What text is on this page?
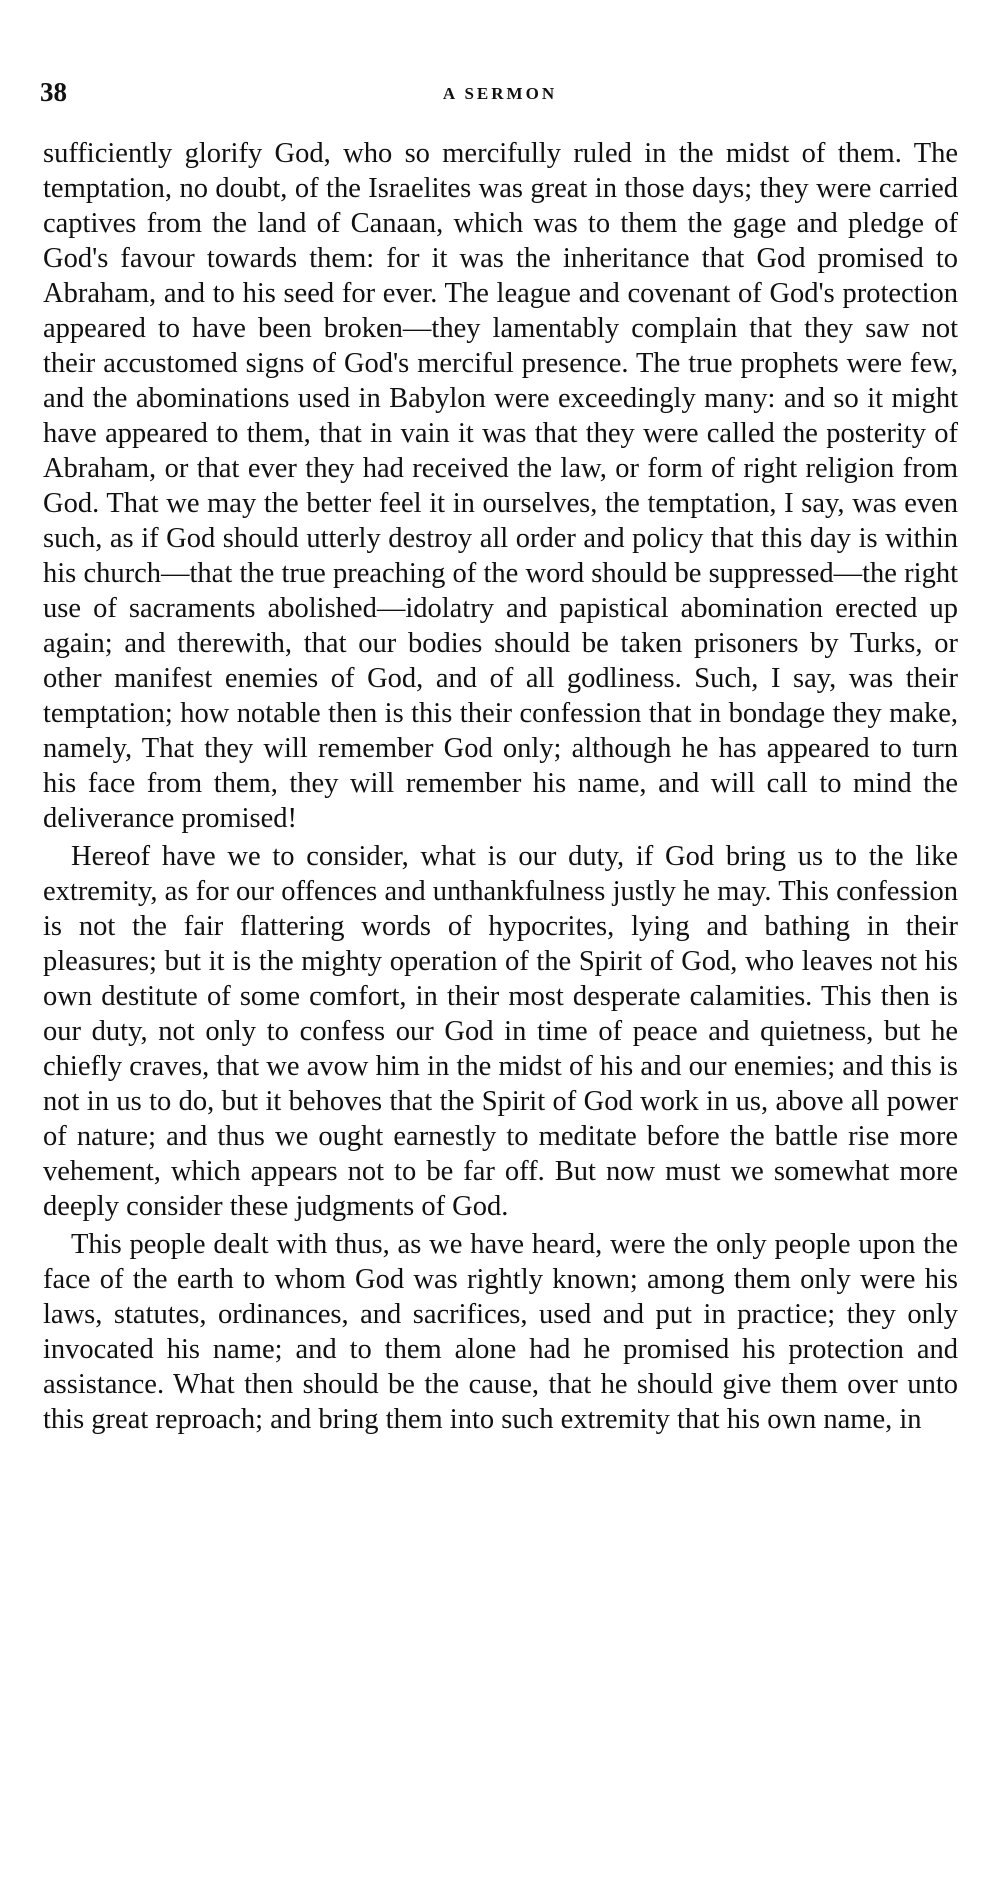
38	A SERMON

sufficiently glorify God, who so mercifully ruled in the midst of them. The temptation, no doubt, of the Israelites was great in those days; they were carried captives from the land of Canaan, which was to them the gage and pledge of God's favour towards them: for it was the inheritance that God promised to Abraham, and to his seed for ever. The league and covenant of God's protection appeared to have been broken—they lamentably complain that they saw not their accustomed signs of God's merciful presence. The true prophets were few, and the abominations used in Babylon were exceedingly many: and so it might have appeared to them, that in vain it was that they were called the posterity of Abraham, or that ever they had received the law, or form of right religion from God. That we may the better feel it in ourselves, the temptation, I say, was even such, as if God should utterly destroy all order and policy that this day is within his church—that the true preaching of the word should be suppressed—the right use of sacraments abolished—idolatry and papistical abomination erected up again; and therewith, that our bodies should be taken prisoners by Turks, or other manifest enemies of God, and of all godliness. Such, I say, was their temptation; how notable then is this their confession that in bondage they make, namely, That they will remember God only; although he has appeared to turn his face from them, they will remember his name, and will call to mind the deliverance promised!

Hereof have we to consider, what is our duty, if God bring us to the like extremity, as for our offences and unthankfulness justly he may. This confession is not the fair flattering words of hypocrites, lying and bathing in their pleasures; but it is the mighty operation of the Spirit of God, who leaves not his own destitute of some comfort, in their most desperate calamities. This then is our duty, not only to confess our God in time of peace and quietness, but he chiefly craves, that we avow him in the midst of his and our enemies; and this is not in us to do, but it behoves that the Spirit of God work in us, above all power of nature; and thus we ought earnestly to meditate before the battle rise more vehement, which appears not to be far off. But now must we somewhat more deeply consider these judgments of God.

This people dealt with thus, as we have heard, were the only people upon the face of the earth to whom God was rightly known; among them only were his laws, statutes, ordinances, and sacrifices, used and put in practice; they only invocated his name; and to them alone had he promised his protection and assistance. What then should be the cause, that he should give them over unto this great reproach; and bring them into such extremity that his own name, in
